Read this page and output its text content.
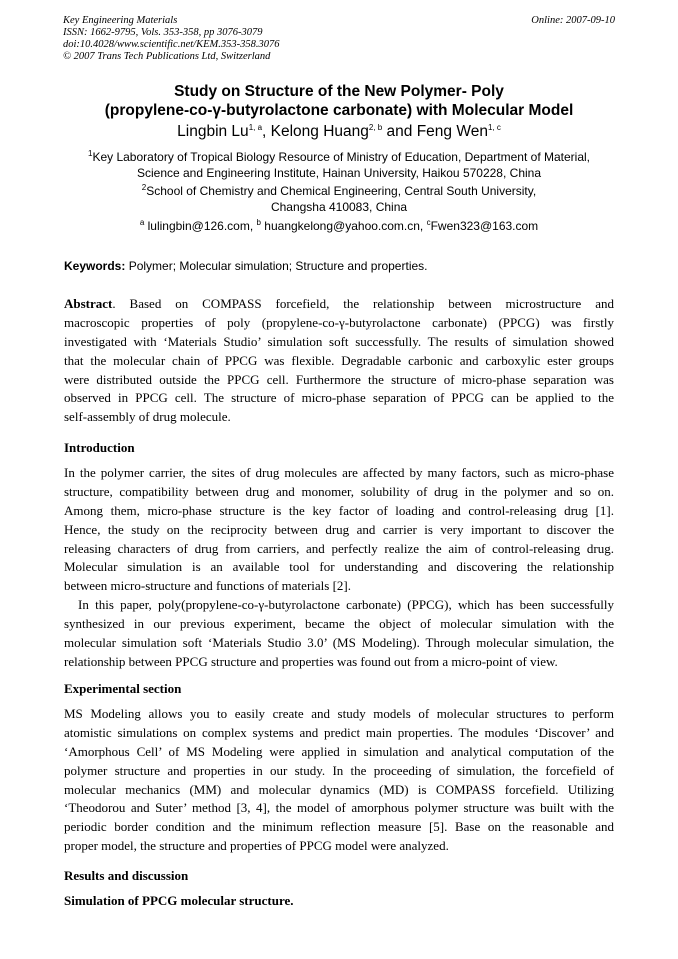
Key Engineering Materials
ISSN: 1662-9795, Vols. 353-358, pp 3076-3079
doi:10.4028/www.scientific.net/KEM.353-358.3076
© 2007 Trans Tech Publications Ltd, Switzerland
Online: 2007-09-10
Study on Structure of the New Polymer- Poly
(propylene-co-γ-butyrolactone carbonate) with Molecular Model
Lingbin Lu$^{1, a}$, Kelong Huang$^{2, b}$ and Feng Wen$^{1, c}$
$^1$Key Laboratory of Tropical Biology Resource of Ministry of Education, Department of Material,
Science and Engineering Institute, Hainan University, Haikou 570228, China
$^2$School of Chemistry and Chemical Engineering, Central South University,
Changsha 410083, China
$^a$ lulingbin@126.com, $^b$ huangkelong@yahoo.com.cn, $^c$Fwen323@163.com
Keywords: Polymer; Molecular simulation; Structure and properties.
Abstract. Based on COMPASS forcefield, the relationship between microstructure and
macroscopic properties of poly (propylene-co-γ-butyrolactone carbonate) (PPCG) was firstly
investigated with ‘Materials Studio’ simulation soft successfully. The results of simulation showed
that the molecular chain of PPCG was flexible. Degradable carbonic and carboxylic ester groups
were distributed outside the PPCG cell. Furthermore the structure of micro-phase separation was
observed in PPCG cell. The structure of micro-phase separation of PPCG can be applied to the
self-assembly of drug molecule.
Introduction
In the polymer carrier, the sites of drug molecules are affected by many factors, such as micro-phase
structure, compatibility between drug and monomer, solubility of drug in the polymer and so on.
Among them, micro-phase structure is the key factor of loading and control-releasing drug [1].
Hence, the study on the reciprocity between drug and carrier is very important to discover the
releasing characters of drug from carriers, and perfectly realize the aim of control-releasing drug.
Molecular simulation is an available tool for understanding and discovering the relationship
between micro-structure and functions of materials [2].
In this paper, poly(propylene-co-γ-butyrolactone carbonate) (PPCG), which has been successfully
synthesized in our previous experiment, became the object of molecular simulation with the
molecular simulation soft ‘Materials Studio 3.0’ (MS Modeling). Through molecular simulation, the
relationship between PPCG structure and properties was found out from a micro-point of view.
Experimental section
MS Modeling allows you to easily create and study models of molecular structures to perform
atomistic simulations on complex systems and predict main properties. The modules ‘Discover’ and
‘Amorphous Cell’ of MS Modeling were applied in simulation and analytical computation of the
polymer structure and properties in our study. In the proceeding of simulation, the forcefield of
molecular mechanics (MM) and molecular dynamics (MD) is COMPASS forcefield. Utilizing
‘Theodorou and Suter’ method [3, 4], the model of amorphous polymer structure was built with the
periodic border condition and the minimum reflection measure [5]. Base on the reasonable and
proper model, the structure and properties of PPCG model were analyzed.
Results and discussion
Simulation of PPCG molecular structure.
